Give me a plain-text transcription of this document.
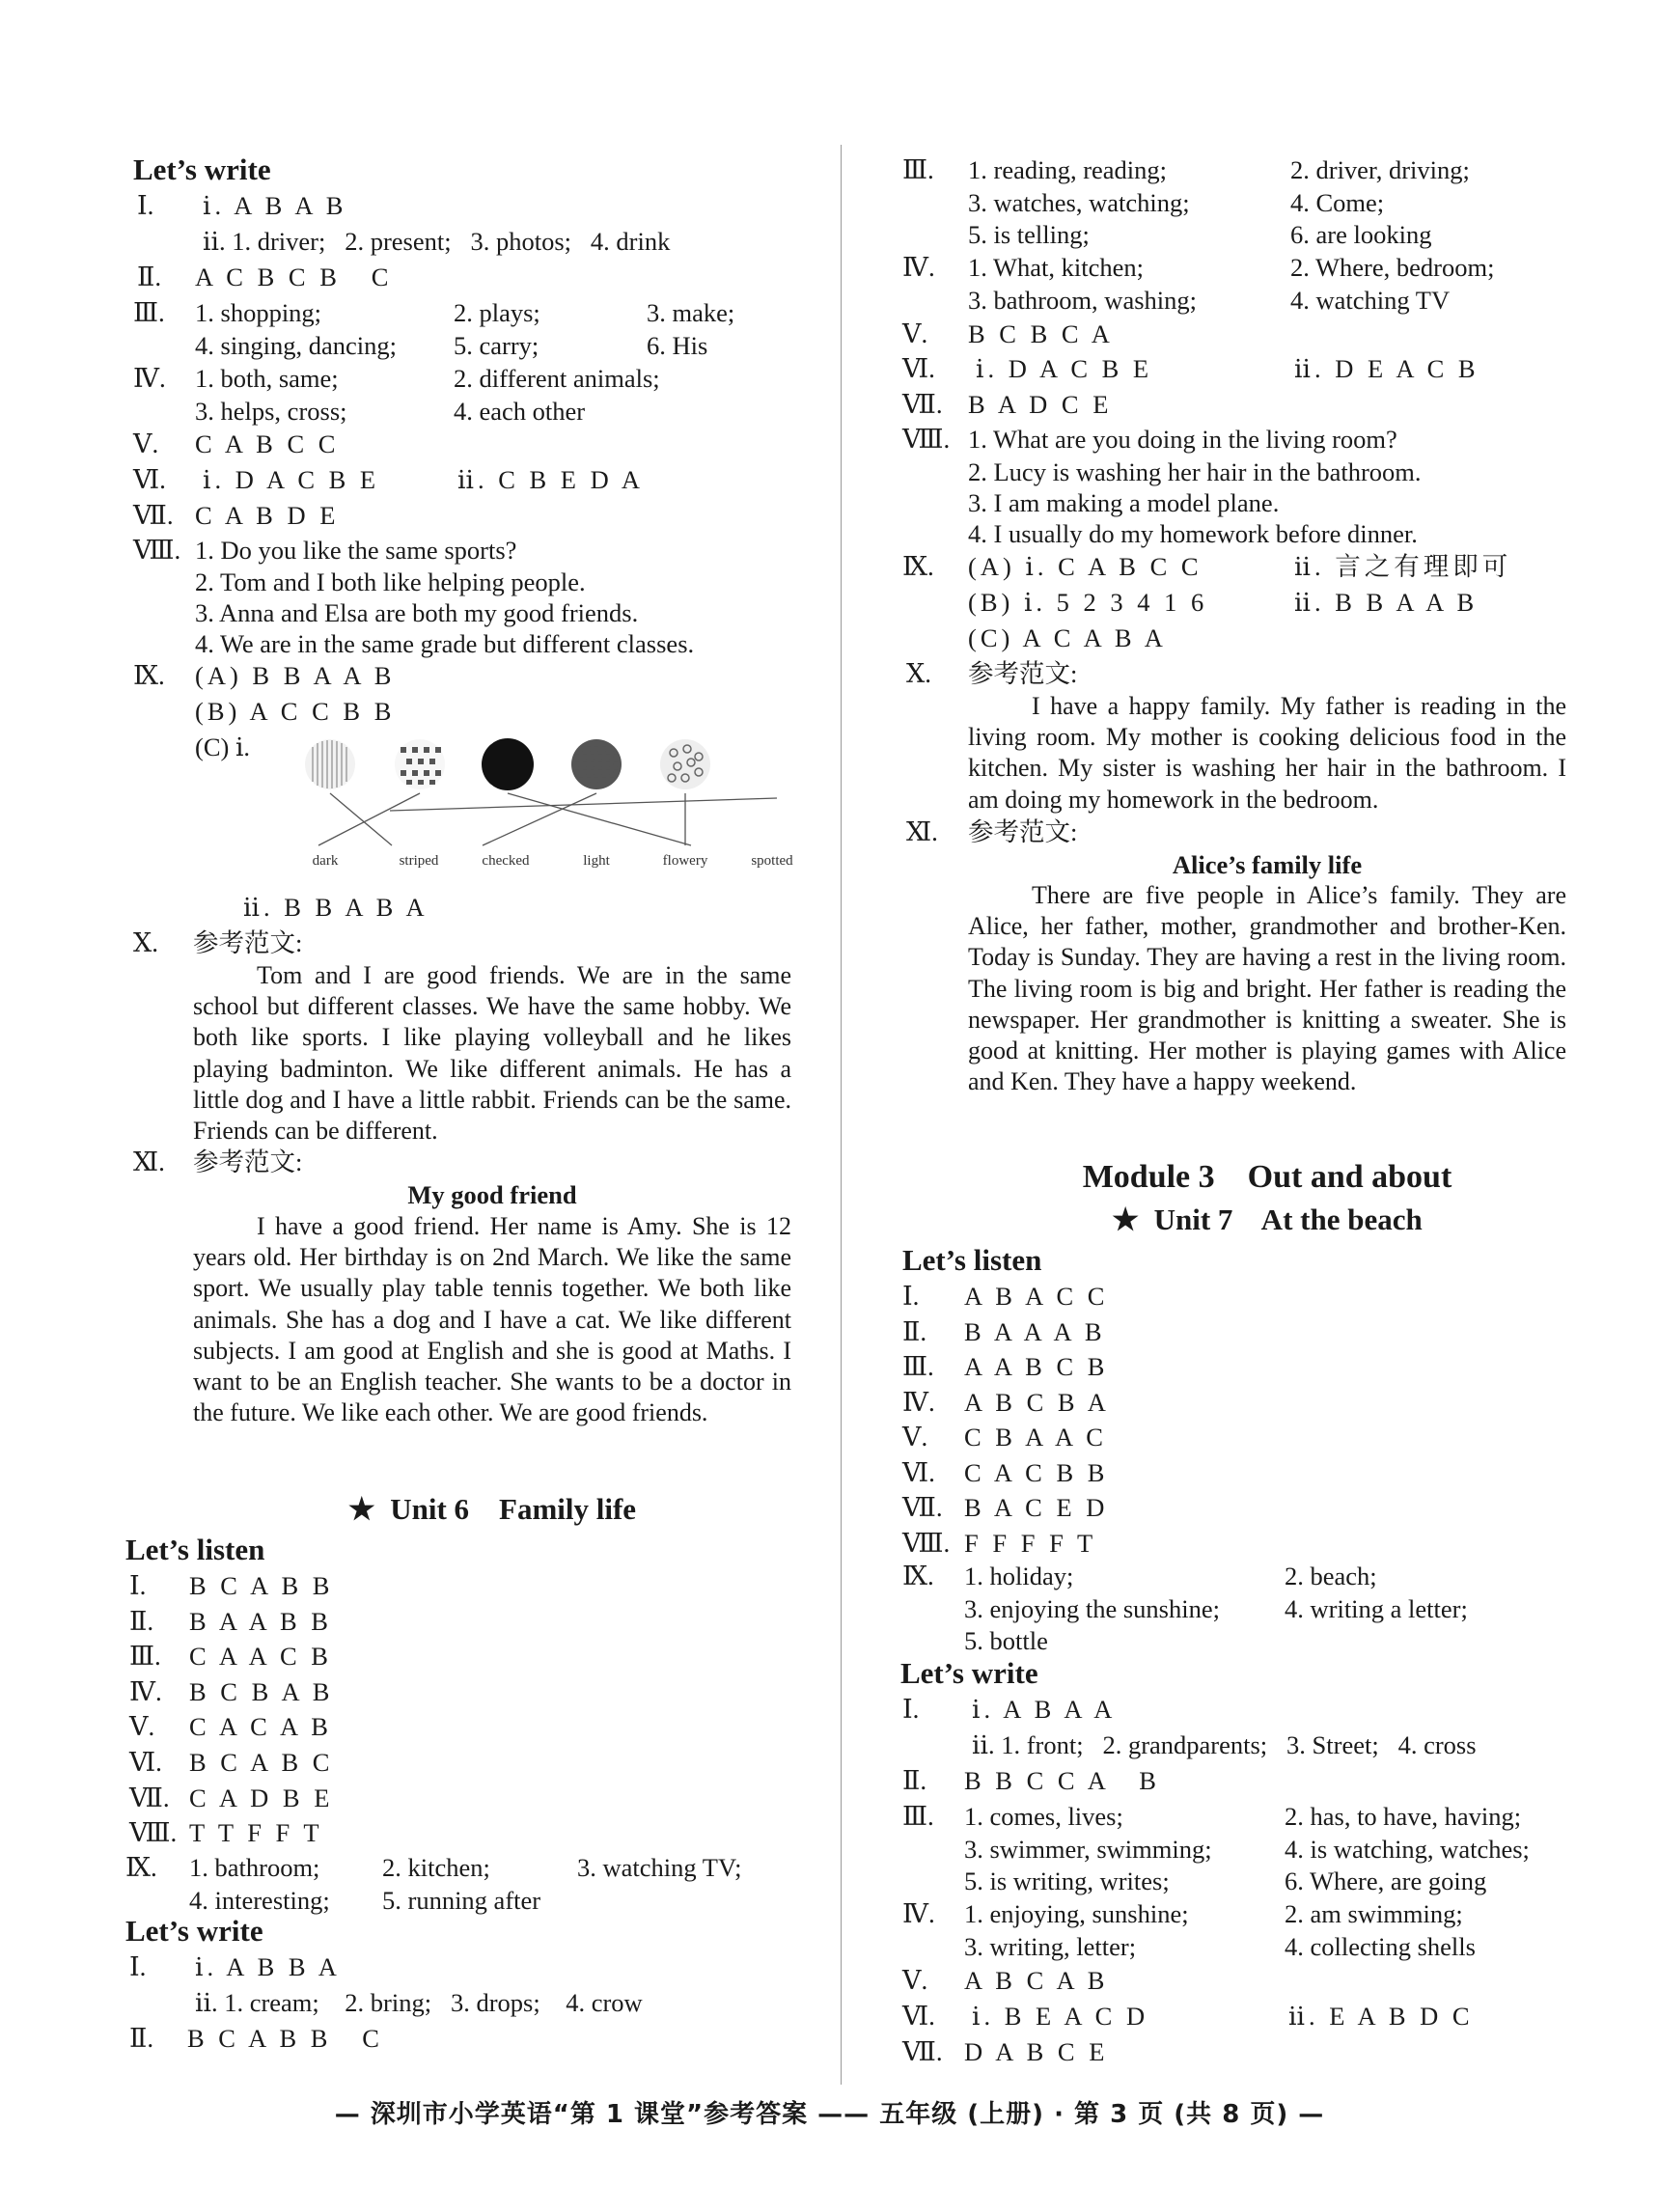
Let’s write
Ⅰ. ⅰ. A B A B
ⅱ. 1. driver;   2. present;   3. photos;   4. drink
Ⅱ. A C B C B   C
Ⅲ. 1. shopping;	2. plays;	3. make;
4. singing, dancing; 5. carry;	6. His
Ⅳ. 1. both, same;	2. different animals;
3. helps, cross;	4. each other
Ⅴ. C A B C C
Ⅵ. ⅰ. D A C B E	ⅱ. C B E D A
Ⅶ. C A B D E
Ⅷ. 1. Do you like the same sports?
2. Tom and I both like helping people.
3. Anna and Elsa are both my good friends.
4. We are in the same grade but different classes.
Ⅸ. (A) B B A A B
(B) A C C B B
(C) ⅰ.
dark	striped	checked	light	flowery	spotted
ⅱ. B B A B A
Ⅹ. 参考范文:
Tom and I are good friends. We are in the same school but different classes. We have the same hobby. We both like sports. I like playing volleyball and he likes playing badminton. We like different animals. He has a little dog and I have a little rabbit. Friends can be the same. Friends can be different.
Ⅺ. 参考范文:
My good friend
I have a good friend. Her name is Amy. She is 12 years old. Her birthday is on 2nd March. We like the same sport. We usually play table tennis together. We both like animals. She has a dog and I have a cat. We like different subjects. I am good at English and she is good at Maths. I want to be an English teacher. She wants to be a doctor in the future. We like each other. We are good friends.
★  Unit 6    Family life
Let’s listen
Ⅰ. B C A B B
Ⅱ. B A A B B
Ⅲ. C A A C B
Ⅳ. B C B A B
Ⅴ. C A C A B
Ⅵ. B C A B C
Ⅶ. C A D B E
Ⅷ. T T F F T
Ⅸ. 1. bathroom; 2. kitchen;	3. watching TV;
4. interesting; 5. running after
Let’s write
Ⅰ. ⅰ. A B B A
ⅱ. 1. cream;    2. bring;   3. drops;    4. crow
Ⅱ. B C A B B   C
Ⅲ. 1. reading, reading;	2. driver, driving;
3. watches, watching;	4. Come;
5. is telling;	6. are looking
Ⅳ. 1. What, kitchen;	2. Where, bedroom;
3. bathroom, washing;	4. watching TV
Ⅴ. B C B C A
Ⅵ. ⅰ. D A C B E	ⅱ. D E A C B
Ⅶ. B A D C E
Ⅷ. 1. What are you doing in the living room?
2. Lucy is washing her hair in the bathroom.
3. I am making a model plane.
4. I usually do my homework before dinner.
Ⅸ. (A) ⅰ. C A B C C	ⅱ. 言之有理即可
(B) ⅰ. 5 2 3 4 1 6	ⅱ. B B A A B
(C) A C A B A
Ⅹ. 参考范文:
I have a happy family. My father is reading in the living room. My mother is cooking delicious food in the kitchen. My sister is washing her hair in the bathroom. I am doing my homework in the bedroom.
Ⅺ. 参考范文:
Alice’s family life
There are five people in Alice’s family. They are Alice, her father, mother, grandmother and brother-Ken. Today is Sunday. They are having a rest in the living room. The living room is big and bright. Her father is reading the newspaper. Her grandmother is knitting a sweater. She is good at knitting. Her mother is playing games with Alice and Ken. They have a happy weekend.
Module 3    Out and about
★  Unit 7    At the beach
Let’s listen
Ⅰ. A B A C C
Ⅱ. B A A A B
Ⅲ. A A B C B
Ⅳ. A B C B A
Ⅴ. C B A A C
Ⅵ. C A C B B
Ⅶ. B A C E D
Ⅷ. F F F F T
Ⅸ. 1. holiday;	2. beach;
3. enjoying the sunshine;	4. writing a letter;
5. bottle
Let’s write
Ⅰ. ⅰ. A B A A
ⅱ. 1. front;   2. grandparents;   3. Street;   4. cross
Ⅱ. B B C C A   B
Ⅲ. 1. comes, lives;	2. has, to have, having;
3. swimmer, swimming;	4. is watching, watches;
5. is writing, writes;	6. Where, are going
Ⅳ. 1. enjoying, sunshine;	2. am swimming;
3. writing, letter;	4. collecting shells
Ⅴ. A B C A B
Ⅵ. ⅰ. B E A C D	ⅱ. E A B D C
Ⅶ. D A B C E
— 深圳市小学英语“第 1 课堂”参考答案 —— 五年级 (上册) · 第 3 页 (共 8 页) —
